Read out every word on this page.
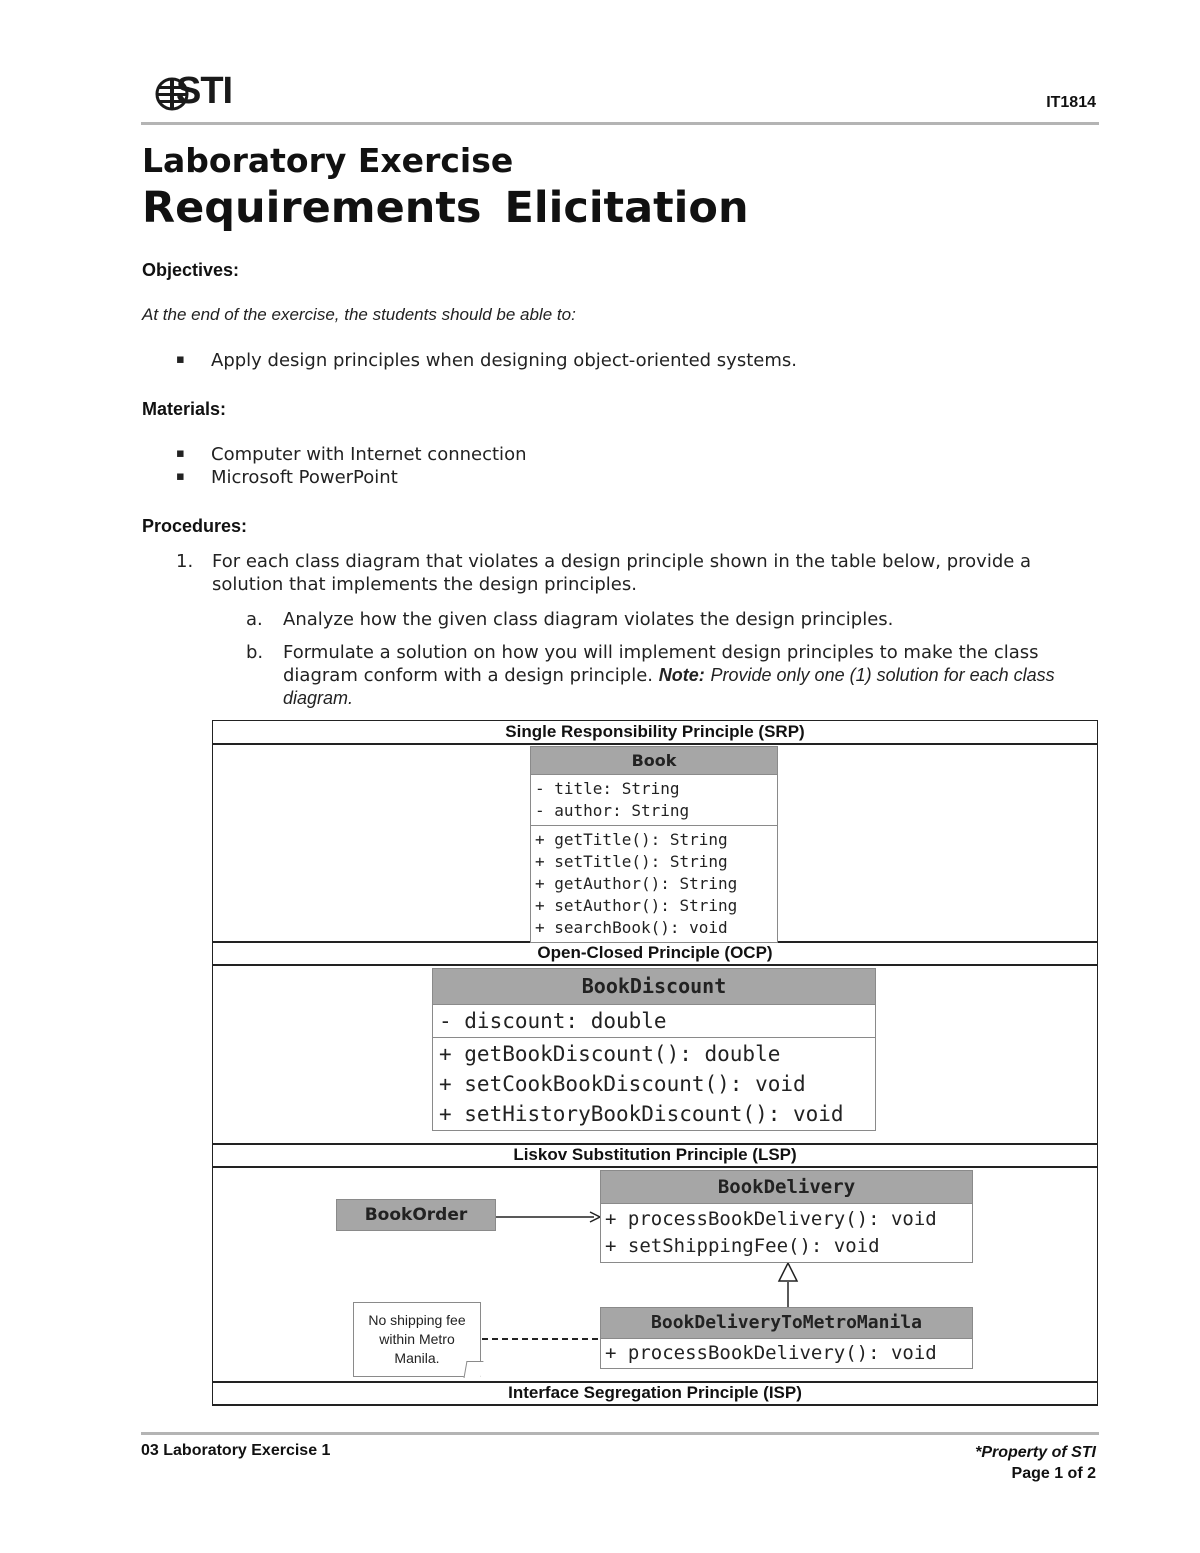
STI	IT1814
Laboratory Exercise
Requirements Elicitation
Objectives:
At the end of the exercise, the students should be able to:
▪ Apply design principles when designing object-oriented systems.
Materials:
▪ Computer with Internet connection
▪ Microsoft PowerPoint
Procedures:
1. For each class diagram that violates a design principle shown in the table below, provide a solution that implements the design principles.
a. Analyze how the given class diagram violates the design principles.
b. Formulate a solution on how you will implement design principles to make the class diagram conform with a design principle. Note: Provide only one (1) solution for each class diagram.
Single Responsibility Principle (SRP)
Open-Closed Principle (OCP)
Liskov Substitution Principle (LSP)
Interface Segregation Principle (ISP)
Book
- title: String
- author: String
+ getTitle(): String
+ setTitle(): String
+ getAuthor(): String
+ setAuthor(): String
+ searchBook(): void
BookDiscount
- discount: double
+ getBookDiscount(): double
+ setCookBookDiscount(): void
+ setHistoryBookDiscount(): void
BookOrder
BookDelivery
+ processBookDelivery(): void
+ setShippingFee(): void
BookDeliveryToMetroManila
+ processBookDelivery(): void
No shipping fee
within Metro
Manila.
03 Laboratory Exercise 1	*Property of STI
Page 1 of 2
